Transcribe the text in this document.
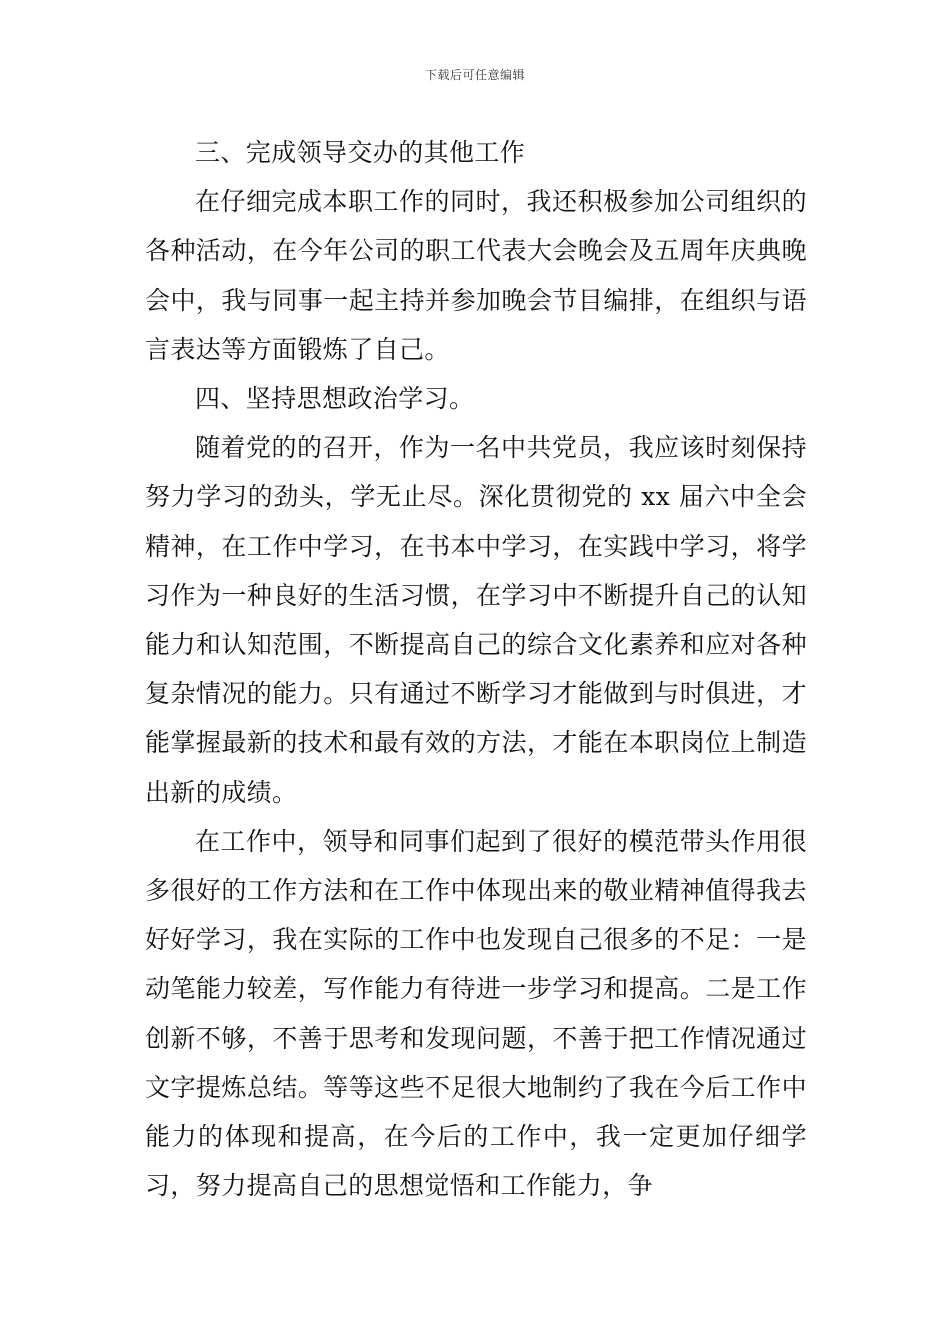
下载后可任意编辑

三、完成领导交办的其他工作

在仔细完成本职工作的同时，我还积极参加公司组织的各种活动，在今年公司的职工代表大会晚会及五周年庆典晚会中，我与同事一起主持并参加晚会节目编排，在组织与语言表达等方面锻炼了自己。

四、坚持思想政治学习。

随着党的的召开，作为一名中共党员，我应该时刻保持努力学习的劲头，学无止尽。深化贯彻党的 xx 届六中全会精神，在工作中学习，在书本中学习，在实践中学习，将学习作为一种良好的生活习惯，在学习中不断提升自己的认知能力和认知范围，不断提高自己的综合文化素养和应对各种复杂情况的能力。只有通过不断学习才能做到与时俱进，才能掌握最新的技术和最有效的方法，才能在本职岗位上制造出新的成绩。

在工作中，领导和同事们起到了很好的模范带头作用很多很好的工作方法和在工作中体现出来的敬业精神值得我去好好学习，我在实际的工作中也发现自己很多的不足：一是动笔能力较差，写作能力有待进一步学习和提高。二是工作创新不够，不善于思考和发现问题，不善于把工作情况通过文字提炼总结。等等这些不足很大地制约了我在今后工作中能力的体现和提高，在今后的工作中，我一定更加仔细学习，努力提高自己的思想觉悟和工作能力，争
